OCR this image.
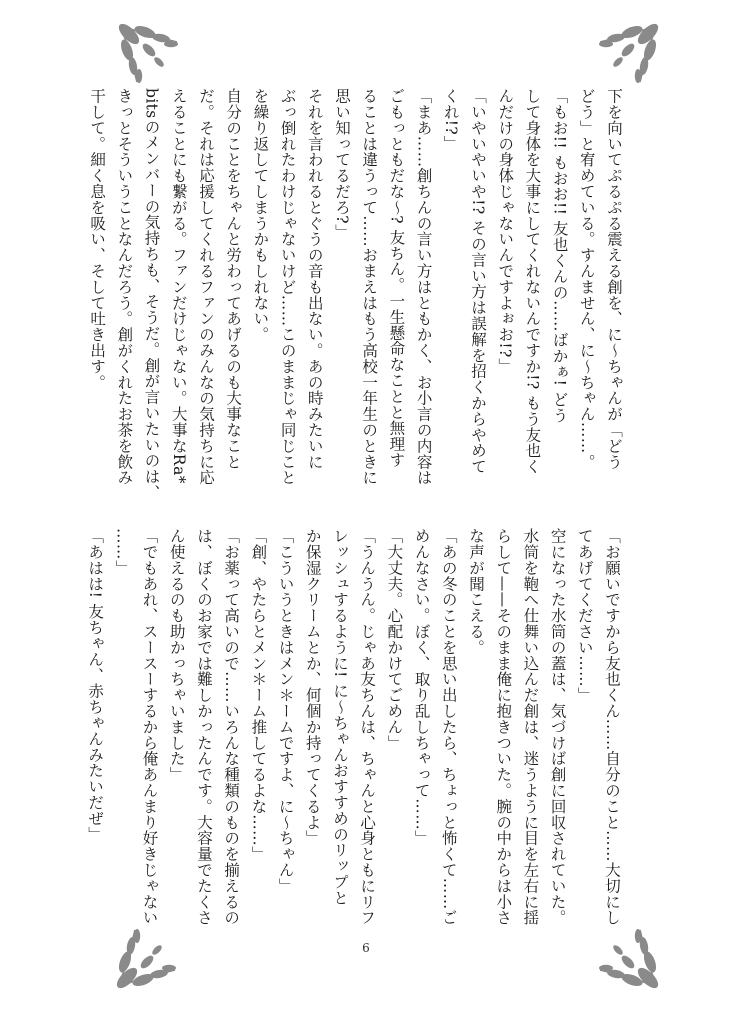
下を向いてぷるぷる震える創を、に〜ちゃんが「どう
どう」と宥めている。すんません、に〜ちゃん……。
「もお!! もおお!! 友也くんの……ばかぁ! どう
して身体を大事にしてくれないんですか!? もう友也く
んだけの身体じゃないんですよぉお!?」
「いやいやいや!? その言い方は誤解を招くからやめて
くれ!?」
「まあ……創ちんの言い方はともかく、お小言の内容は
ごもっともだな〜? 友ちん。一生懸命なことと無理す
ることは違うって……おまえはもう高校一年生のときに
思い知ってるだろ?」
それを言われるとぐうの音も出ない。あの時みたいに
ぶっ倒れたわけじゃないけど……このままじゃ同じこと
を繰り返してしまうかもしれない。
自分のことをちゃんと労わってあげるのも大事なこと
だ。それは応援してくれるファンのみんなの気持ちに応
えることにも繋がる。ファンだけじゃない。大事なRa*
bitsのメンバーの気持ちも、そうだ。創が言いたいのは、
きっとそういうことなんだろう。創がくれたお茶を飲み
干して。細く息を吸い、そして吐き出す。
「お願いですから友也くん……自分のこと……大切にし
てあげてください……」
空になった水筒の蓋は、気づけば創に回収されていた。
水筒を鞄へ仕舞い込んだ創は、迷うように目を左右に揺
らして——そのまま俺に抱きついた。腕の中からは小さ
な声が聞こえる。
「あの冬のことを思い出したら、ちょっと怖くて……ご
めんなさい。ぼく、取り乱しちゃって……」
「大丈夫。心配かけてごめん」
「うんうん。じゃあ友ちんは、ちゃんと心身ともにリフ
レッシュするように! に〜ちゃんおすすめのリップと
か保湿クリームとか、何個か持ってくるよ」
「こういうときはメン＊ームですよ、に〜ちゃん」
「創、やたらとメン＊ーム推してるよな……」
「お薬って高いので……いろんな種類のものを揃えるの
は、ぼくのお家では難しかったんです。大容量でたくさ
ん使えるのも助かっちゃいました」
「でもあれ、スースーするから俺あんまり好きじゃない
……」
「あはは! 友ちゃん、赤ちゃんみたいだぜ」
6
